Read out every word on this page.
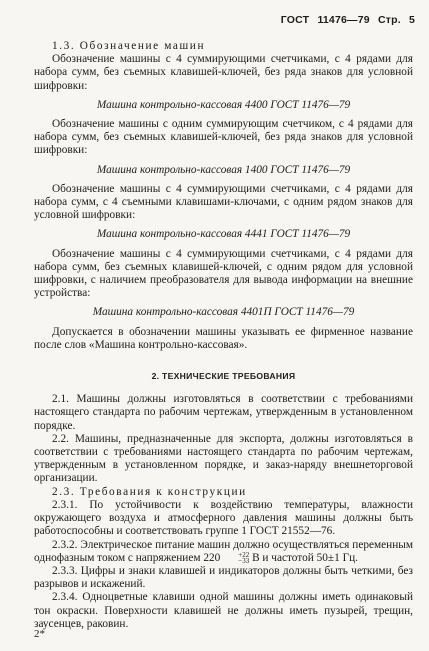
ГОСТ 11476—79 Стр. 5

1.3. Обозначение машин

Обозначение машины с 4 суммирующими счетчиками, с 4 рядами для набора сумм, без съемных клавишей-ключей, без ряда знаков для условной шифровки:

Машина контрольно-кассовая 4400 ГОСТ 11476—79

Обозначение машины с одним суммирующим счетчиком, с 4 рядами для набора сумм, без съемных клавишей-ключей, без ряда знаков для условной шифровки:

Машина контрольно-кассовая 1400 ГОСТ 11476—79

Обозначение машины с 4 суммирующими счетчиками, с 4 рядами для набора сумм, с 4 съемными клавишами-ключами, с одним рядом знаков для условной шифровки:

Машина контрольно-кассовая 4441 ГОСТ 11476—79

Обозначение машины с 4 суммирующими счетчиками, с 4 рядами для набора сумм, без съемных клавишей-ключей, с одним рядом для условной шифровки, с наличием преобразователя для вывода информации на внешние устройства:

Машина контрольно-кассовая 4401П ГОСТ 11476—79

Допускается в обозначении машины указывать ее фирменное название после слов «Машина контрольно-кассовая».

2. ТЕХНИЧЕСКИЕ ТРЕБОВАНИЯ

2.1. Машины должны изготовляться в соответствии с требованиями настоящего стандарта по рабочим чертежам, утвержденным в установленном порядке.

2.2. Машины, предназначенные для экспорта, должны изготовляться в соответствии с требованиями настоящего стандарта по рабочим чертежам, утвержденным в установленном порядке, и заказ-наряду внешнеторговой организации.

2.3. Требования к конструкции

2.3.1. По устойчивости к воздействию температуры, влажности окружающего воздуха и атмосферного давления машины должны быть работоспособны и соответствовать группе 1 ГОСТ 21552—76.

2.3.2. Электрическое питание машин должно осуществляться переменным однофазным током с напряжением 220	+22
−33 В и частотой 50±1 Гц.

2.3.3. Цифры и знаки клавишей и индикаторов должны быть четкими, без разрывов и искажений.

2.3.4. Одноцветные клавиши одной машины должны иметь одинаковый тон окраски. Поверхности клавишей не должны иметь пузырей, трещин, заусенцев, раковин.

2*
